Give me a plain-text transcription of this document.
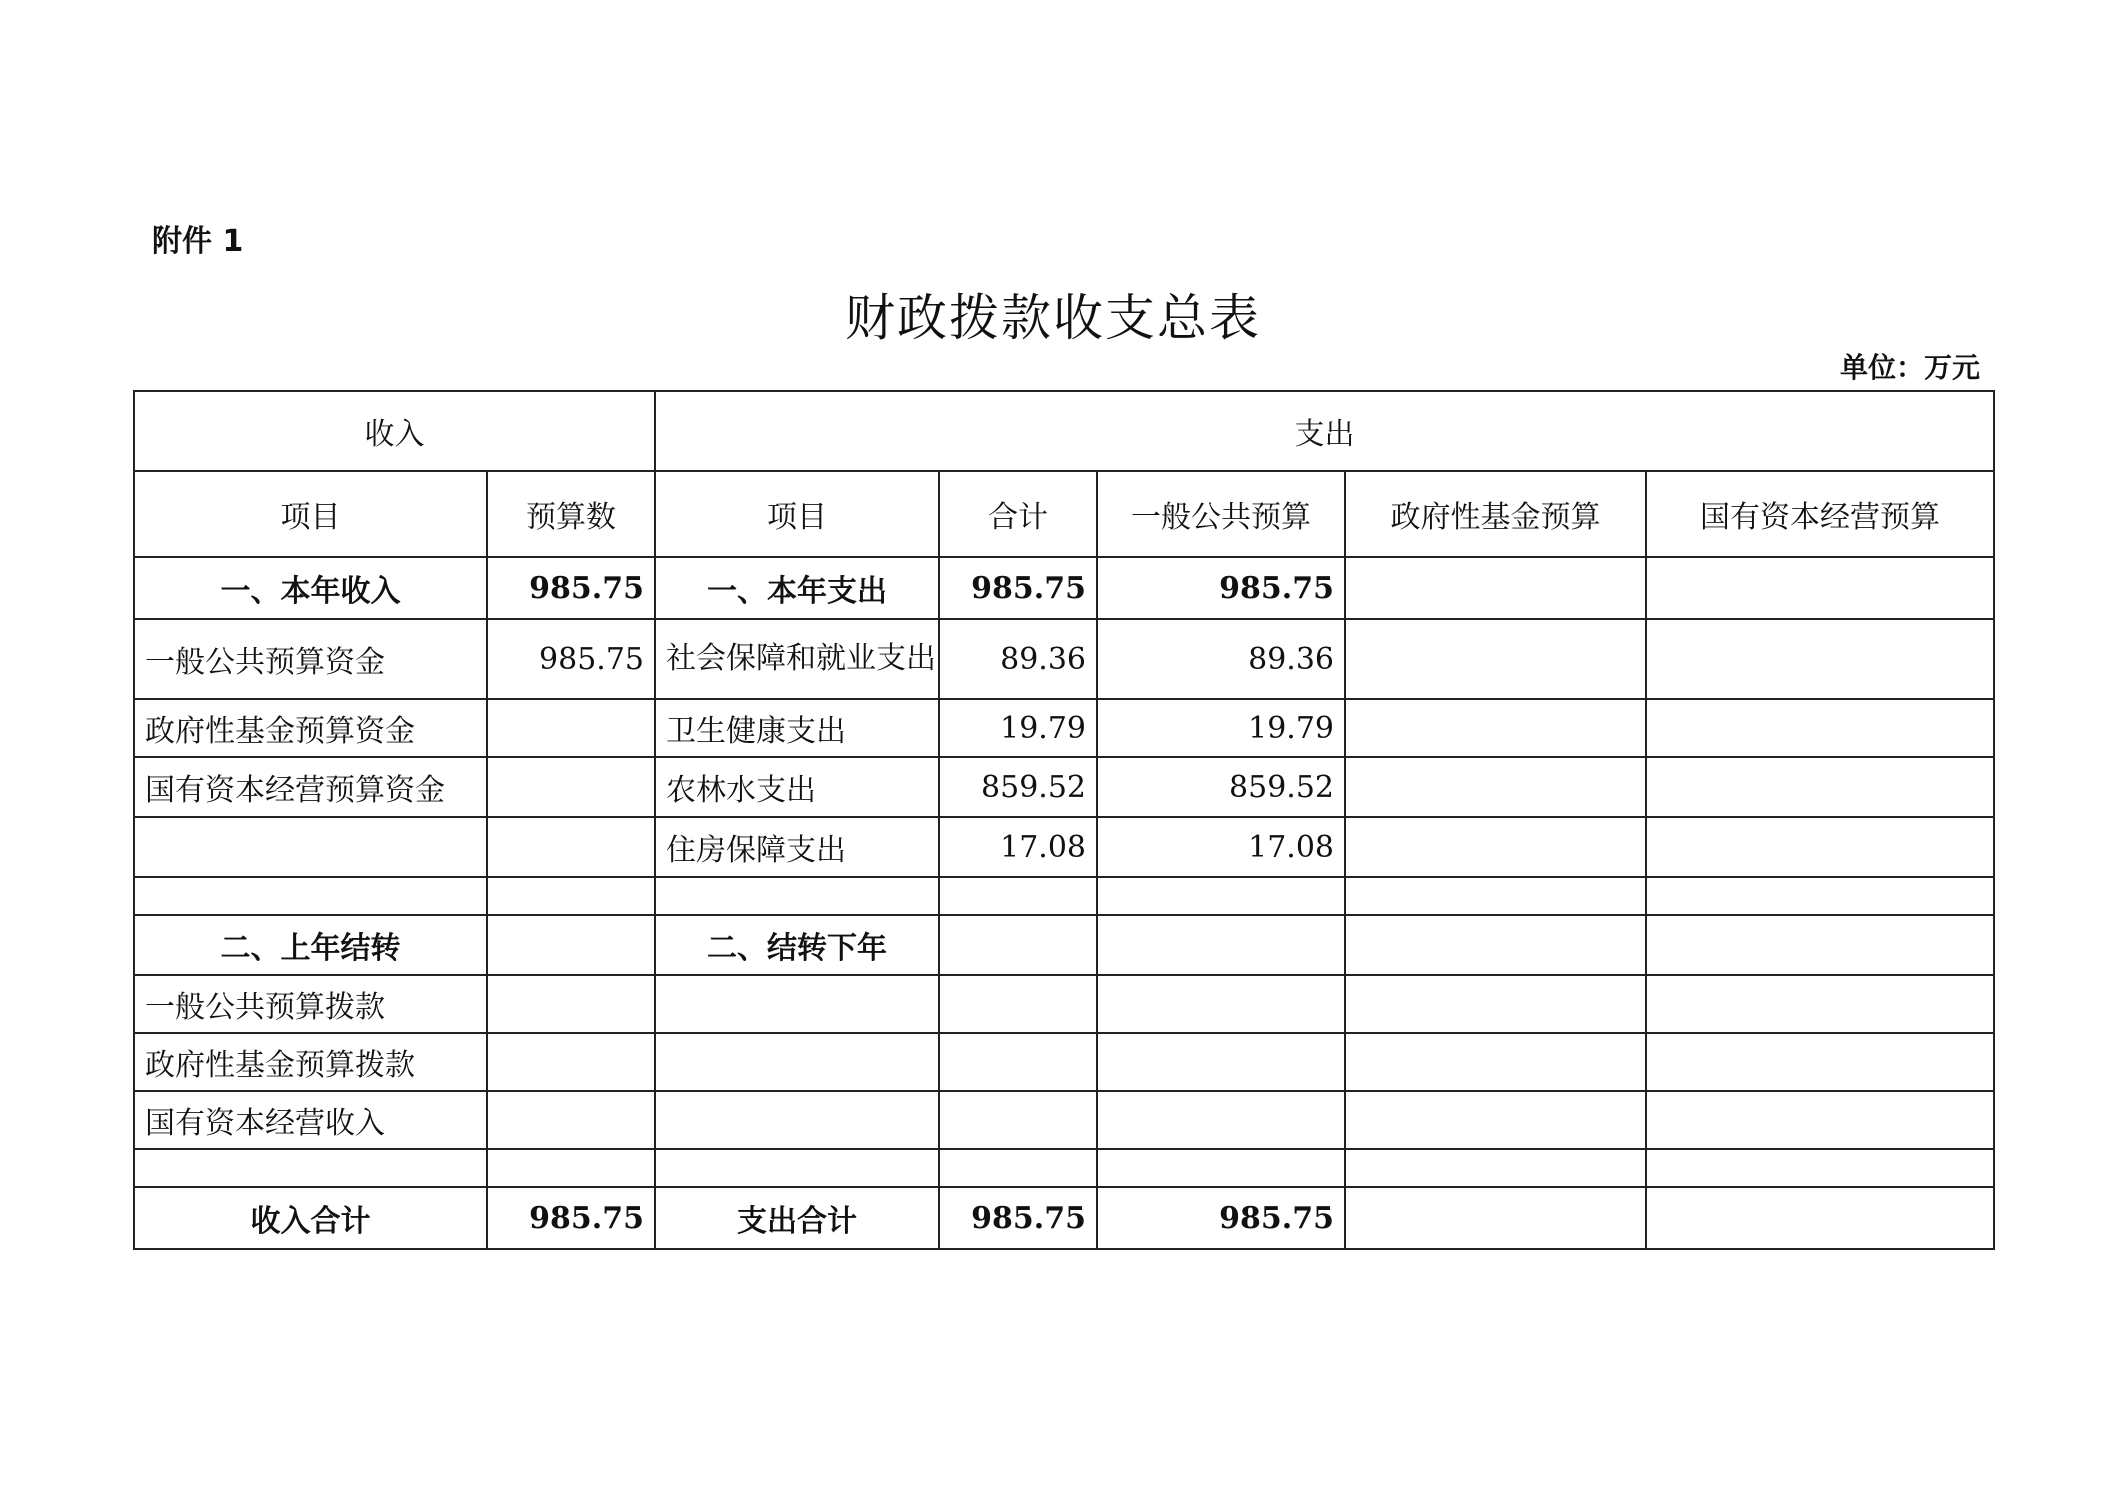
附件 1
财政拨款收支总表
单位：万元
收入		支出				
项目	预算数	项目	合计	一般公共预算	政府性基金预算	国有资本经营预算
一、本年收入	985.75	一、本年支出	985.75	985.75		
一般公共预算资金	985.75	社会保障和就业支出	89.36	89.36		
政府性基金预算资金		卫生健康支出	19.79	19.79		
国有资本经营预算资金		农林水支出	859.52	859.52		
		住房保障支出	17.08	17.08		

二、上年结转		二、结转下年				
一般公共预算拨款						
政府性基金预算拨款						
国有资本经营收入						

收入合计	985.75	支出合计	985.75	985.75		
